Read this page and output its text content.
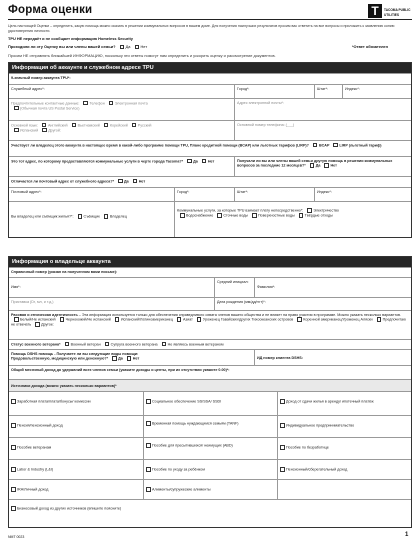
Форма оценки	T	TACOMA PUBLIC UTILITIES
Цель настоящей Оценки – определить, какую помощь можно оказать в решении коммунальных вопросов в вашем доме. Для получения наилучших результатов просим вас ответить на все вопросы и приложить к заявлению копию удостоверения личности.
TPU НЕ передаёт и не сообщает информацию Homeless Security
Проходили ли эту Оценку вы или члены вашей семьи?	Да	Нет	*Ответ обязателен
Просим НЕ отправлять ближайшей ИНФОРМАЦИЮ, поскольку эти ответы помогут нам определить и ускорить оценку и рассмотрение документов.
Информация об аккаунте и служебном адресе TPU
9-значный номер аккаунта TPU*:
Служебный адрес*:	Город*:	Штат*:	Индекс*:
Предпочтительные контактные данные:	Телефон	Электронная почта
(Обычная почта US Postal Service)
Адрес электронной почты*:
Основной язык:	Английский	Вьетнамский	Корейский	Русский
Испанский	Другой:
Основной номер телефона: (___)
Участвует ли владелец этого аккаунта в настоящее время в какой-либо программе помощи TPU, Плане кредитной помощи (BCAP) или льготных тарифов (LIRP)?	BCAP	LIRP (льготный тариф)
Это тот адрес, по которому предоставляются коммунальные услуги в черте города Tacoma?*	Да	Нет	Получали ли вы или члены вашей семьи другую помощь в решении коммунальных вопросов за последние 12 месяцев?*	Да	Нет
Отличается ли почтовый адрес от служебного адреса?*	Да	Нет
Почтовый адрес*:	Город*:	Штат*:	Индекс*:
Вы владелец или съёмщик жилья?*:	Съёмщик	Владелец
Коммунальные услуги, за которые TPU взимает плату непосредственно*:	Электричество
Водоснабжение	Сточные воды	Поверхностные воды	Твёрдые отходы
Информация о владельце аккаунта
Справочный номер (указан на полученном вами письме):
Имя*:
Средний инициал:
Фамилия*:
Приставка (Dr, мл, и т.д.)	Дата рождения (мм/дд/гггг)*:
Расовая и этническая идентичность – Эта информация используется только для обеспечения справедливого охвата членов вашего общества и не влияет на право участия в программе. Можно указать несколько вариантов. Белый/Не испанский	Чернокожий/Не испанский	Испанский/Латиноамериканец	Азиат	Уроженец Гавайских/других Тихоокеанских островов	Коренной американец/Уроженец Аляски	Предпочитаю не отвечать	Другое:
Статус военного ветерана*	Военный ветеран	Супруга военного ветерана	Не являюсь военным ветераном
Помощь DSHS помощь - Получаете ли вы следующие виды помощи:
Продовольственную, медицинскую или денежную?*	Да	Нет	ИД номер клиента DSHS:
Общий месячный доход до удержаний всех членов семьи (укажите доходы и центы, при их отсутствии укажите 0.00)*:
Источники дохода (можно указать несколько вариантов)*
Заработная плата/плата/бонусы/ комиссии	Социальное обеспечение SS/SSA/ SSDI	Доход от сдачи жилья в аренду/ ипотечный платёж
Пенсия/пенсионный доход	Временная помощь нуждающимся семьям (TANF)	Индивидуальное предпринимательство
Пособие ветеранам	Пособие для пресытившихся/ неимущих (ABD)	Пособие по безработице
Labor & Industry (L&I)	Пособие по уходу за ребёнком	Пенсионный/сберегательный доход
IRA/Личный доход	Алименты/супружеские алименты
Бизнесовый доход из других источников (впишите поясните)
NMT 0023	1
